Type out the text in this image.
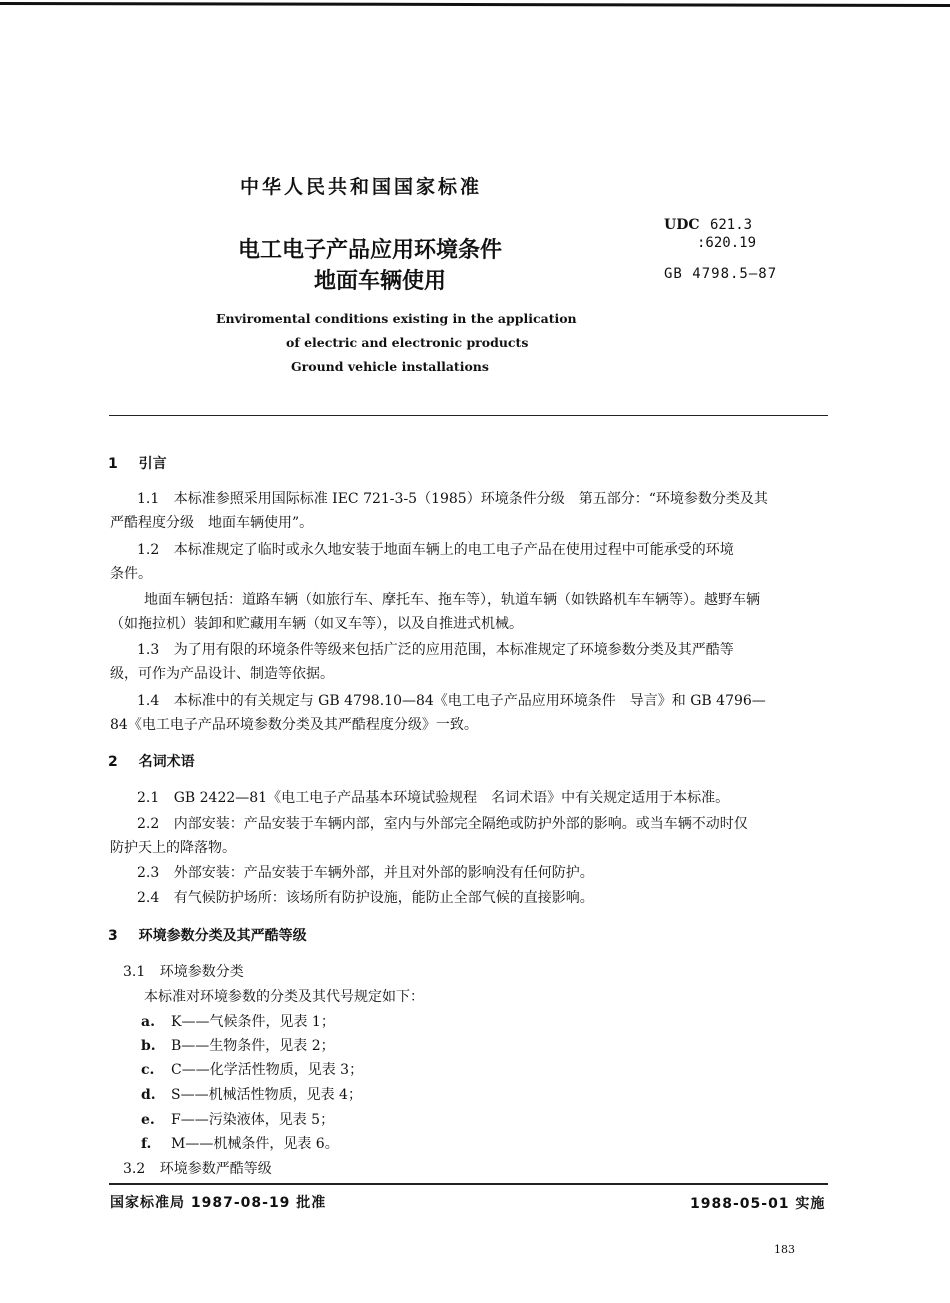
中华人民共和国国家标准
电工电子产品应用环境条件
地面车辆使用
Enviromental conditions existing in the application
of electric and electronic products
Ground vehicle installations
UDC 621.3
:620.19
GB 4798.5—87
1 引言
1.1 本标准参照采用国际标准 IEC 721-3-5（1985）环境条件分级　第五部分：“环境参数分类及其
严酷程度分级　地面车辆使用”。
1.2 本标准规定了临时或永久地安装于地面车辆上的电工电子产品在使用过程中可能承受的环境
条件。
地面车辆包括：道路车辆（如旅行车、摩托车、拖车等），轨道车辆（如铁路机车车辆等）。越野车辆
（如拖拉机）装卸和贮藏用车辆（如叉车等），以及自推进式机械。
1.3 为了用有限的环境条件等级来包括广泛的应用范围，本标准规定了环境参数分类及其严酷等
级，可作为产品设计、制造等依据。
1.4 本标准中的有关规定与 GB 4798.10—84《电工电子产品应用环境条件　导言》和 GB 4796—
84《电工电子产品环境参数分类及其严酷程度分级》一致。
2 名词术语
2.1 GB 2422—81《电工电子产品基本环境试验规程　名词术语》中有关规定适用于本标准。
2.2 内部安装：产品安装于车辆内部，室内与外部完全隔绝或防护外部的影响。或当车辆不动时仅
防护天上的降落物。
2.3 外部安装：产品安装于车辆外部，并且对外部的影响没有任何防护。
2.4 有气候防护场所：该场所有防护设施，能防止全部气候的直接影响。
3 环境参数分类及其严酷等级
3.1 环境参数分类
本标准对环境参数的分类及其代号规定如下：
a. K——气候条件，见表 1；
b. B——生物条件，见表 2；
c. C——化学活性物质，见表 3；
d. S——机械活性物质，见表 4；
e. F——污染液体，见表 5；
f. M——机械条件，见表 6。
3.2 环境参数严酷等级
国家标准局 1987-08-19 批准	1988-05-01 实施
183
